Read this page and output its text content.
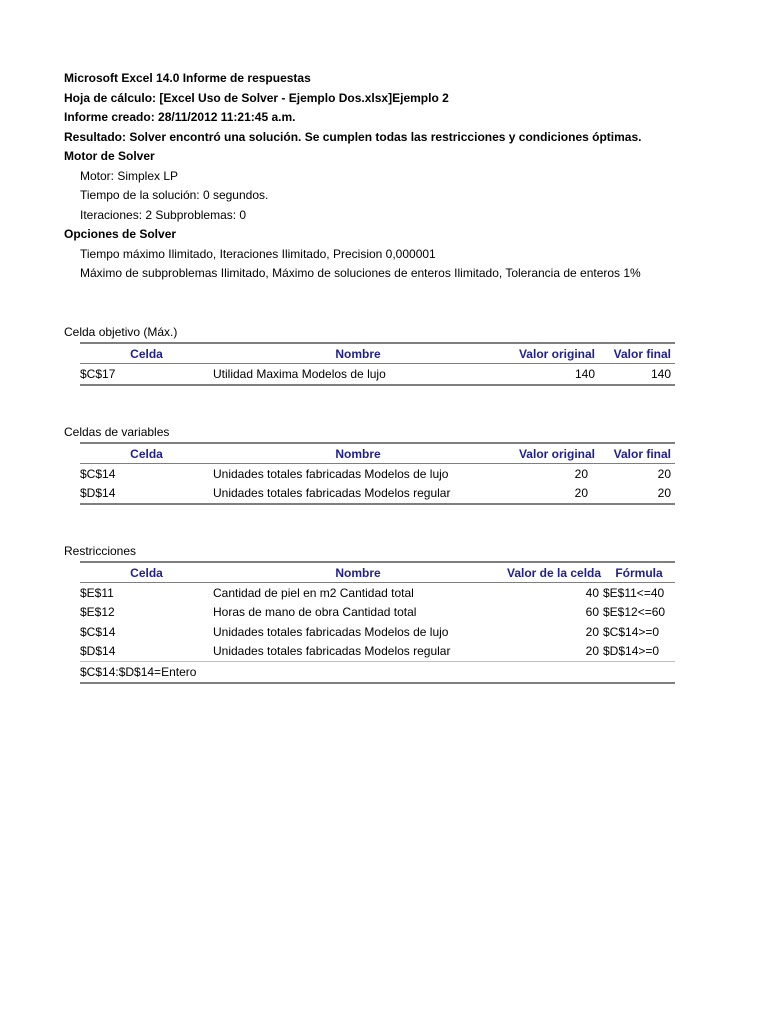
Microsoft Excel 14.0 Informe de respuestas
Hoja de cálculo: [Excel Uso de Solver - Ejemplo Dos.xlsx]Ejemplo 2
Informe creado: 28/11/2012 11:21:45 a.m.
Resultado: Solver encontró una solución. Se cumplen todas las restricciones y condiciones óptimas.
Motor de Solver
Motor: Simplex LP
Tiempo de la solución: 0 segundos.
Iteraciones: 2 Subproblemas: 0
Opciones de Solver
Tiempo máximo Ilimitado, Iteraciones Ilimitado, Precision 0,000001
Máximo de subproblemas Ilimitado, Máximo de soluciones de enteros Ilimitado, Tolerancia de enteros 1%
Celda objetivo (Máx.)
Celda	Nombre	Valor original	Valor final
$C$17	Utilidad Maxima Modelos de lujo	140	140
Celdas de variables
Celda	Nombre	Valor original	Valor final
$C$14	Unidades totales fabricadas Modelos de lujo	20	20
$D$14	Unidades totales fabricadas Modelos regular	20	20
Restricciones
Celda	Nombre	Valor de la celda	Fórmula
$E$11	Cantidad de piel en m2 Cantidad total	40	$E$11<=40
$E$12	Horas de mano de obra Cantidad total	60	$E$12<=60
$C$14	Unidades totales fabricadas Modelos de lujo	20	$C$14>=0
$D$14	Unidades totales fabricadas Modelos regular	20	$D$14>=0
$C$14:$D$14=Entero			
